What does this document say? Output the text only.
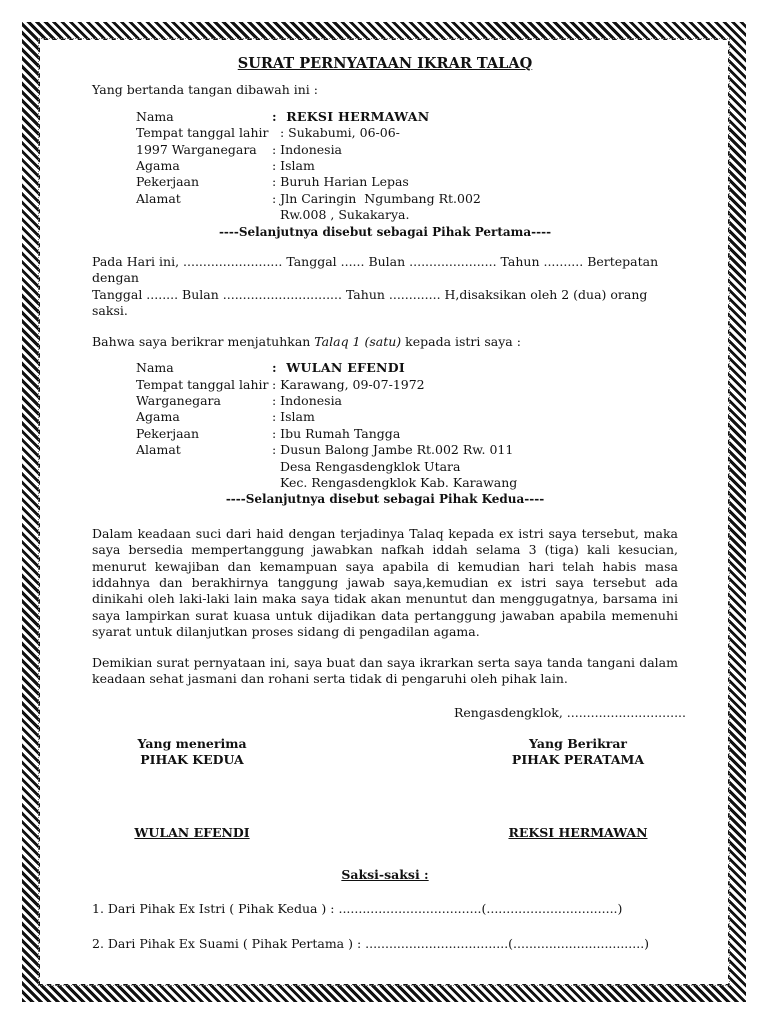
SURAT PERNYATAAN IKRAR TALAQ

Yang bertanda tangan dibawah ini :

Nama	:  REKSI HERMAWAN
Tempat tanggal lahir : Sukabumi, 06-06-
1997 Warganegara	: Indonesia
Agama	: Islam
Pekerjaan	: Buruh Harian Lepas
Alamat	: Jln Caringin  Ngumbang Rt.002
Rw.008 , Sukakarya.
----Selanjutnya disebut sebagai Pihak Pertama----

Pada Hari ini, ......................... Tanggal ...... Bulan ...................... Tahun .......... Bertepatan dengan

Tanggal ........ Bulan .............................. Tahun ............. H,disaksikan oleh 2 (dua) orang saksi.

Bahwa saya berikrar menjatuhkan Talaq 1 (satu) kepada istri saya :

Nama	:  WULAN EFENDI
Tempat tanggal lahir : Karawang, 09-07-1972
Warganegara	: Indonesia
Agama	: Islam
Pekerjaan	: Ibu Rumah Tangga
Alamat	: Dusun Balong Jambe Rt.002 Rw. 011
Desa Rengasdengklok Utara
Kec. Rengasdengklok Kab. Karawang
----Selanjutnya disebut sebagai Pihak Kedua----

Dalam keadaan suci dari haid dengan terjadinya Talaq kepada ex istri saya tersebut, maka saya bersedia mempertanggung jawabkan nafkah iddah selama 3 (tiga) kali kesucian, menurut kewajiban dan kemampuan saya apabila di kemudian hari telah habis masa iddahnya dan berakhirnya tanggung jawab saya,kemudian ex istri saya tersebut ada dinikahi oleh laki-laki lain maka saya tidak akan menuntut dan menggugatnya, barsama ini saya lampirkan surat kuasa untuk dijadikan data pertanggung jawaban apabila memenuhi syarat untuk dilanjutkan proses sidang di pengadilan agama.

Demikian surat pernyataan ini, saya buat dan saya ikrarkan serta saya tanda tangani dalam keadaan sehat jasmani dan rohani serta tidak di pengaruhi oleh pihak lain.

Rengasdengklok, ..............................

Yang menerima
PIHAK KEDUA
Yang Berikrar
PIHAK PERATAMA
WULAN EFENDI	REKSI HERMAWAN
Saksi-saksi :

1. Dari Pihak Ex Istri ( Pihak Kedua ) : ....................................(.................................)

2. Dari Pihak Ex Suami ( Pihak Pertama ) : ....................................(.................................)
